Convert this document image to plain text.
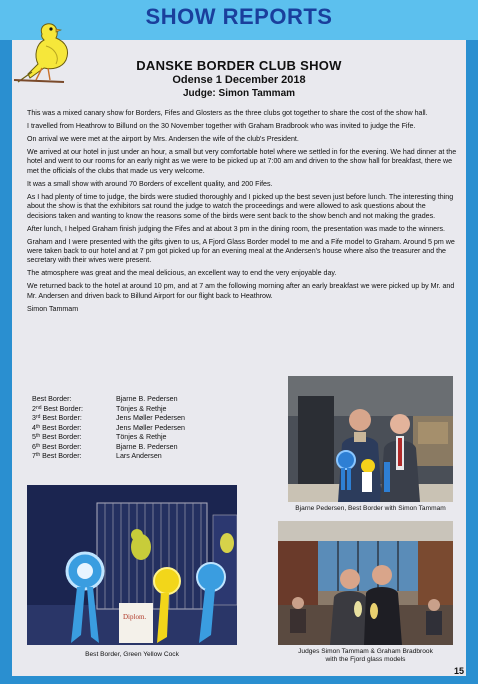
SHOW REPORTS
DANSKE BORDER CLUB SHOW
Odense 1 December 2018
Judge: Simon Tammam

This was a mixed canary show for Borders, Fifes and Glosters as the three clubs got together to share the cost of the show hall.

I travelled from Heathrow to Billund on the 30 November together with Graham Bradbrook who was invited to judge the Fife.

On arrival we were met at the airport by Mrs. Andersen the wife of the club's President.

We arrived at our hotel in just under an hour, a small but very comfortable hotel where we settled in for the evening. We had dinner at the hotel and went to our rooms for an early night as we were to be picked up at 7:00 am and driven to the show hall for breakfast, there we met the officials of the clubs that made us very welcome.

It was a small show with around 70 Borders of excellent quality, and 200 Fifes.

As I had plenty of time to judge, the birds were studied thoroughly and I picked up the best seven just before lunch. The interesting thing about the show is that the exhibitors sat round the judge to watch the proceedings and were allowed to ask questions about the decisions taken and wanting to know the reasons some of the birds were sent back to the show bench and not making the grades.

After lunch, I helped Graham finish judging the Fifes and at about 3 pm in the dining room, the presentation was made to the winners.

Graham and I were presented with the gifts given to us, A Fjord Glass Border model to me and a Fife model to Graham. Around 5 pm we were taken back to our hotel and at 7 pm got picked up for an evening meal at the Andersen's house where also the treasurer and the secretary with their wives were present.

The atmosphere was great and the meal delicious, an excellent way to end the very enjoyable day.

We returned back to the hotel at around 10 pm, and at 7 am the following morning after an early breakfast we were picked up by Mr. and Mr. Andersen and driven back to Billund Airport for our flight back to Heathrow.

Simon Tammam

Best Border:	Bjarne B. Pedersen
2nd Best Border:	Tönjes & Rethje
3rd Best Border:	Jens Møller Pedersen
4th Best Border:	Jens Møller Pedersen
5th Best Border:	Tönjes & Rethje
6th Best Border:	Bjarne B. Pedersen
7th Best Border:	Lars Andersen
Bjarne Pedersen, Best Border with Simon Tammam
Diplom.
Best Border, Green Yellow Cock	Judges Simon Tammam & Graham Bradbrook
with the Fjord glass models
15
